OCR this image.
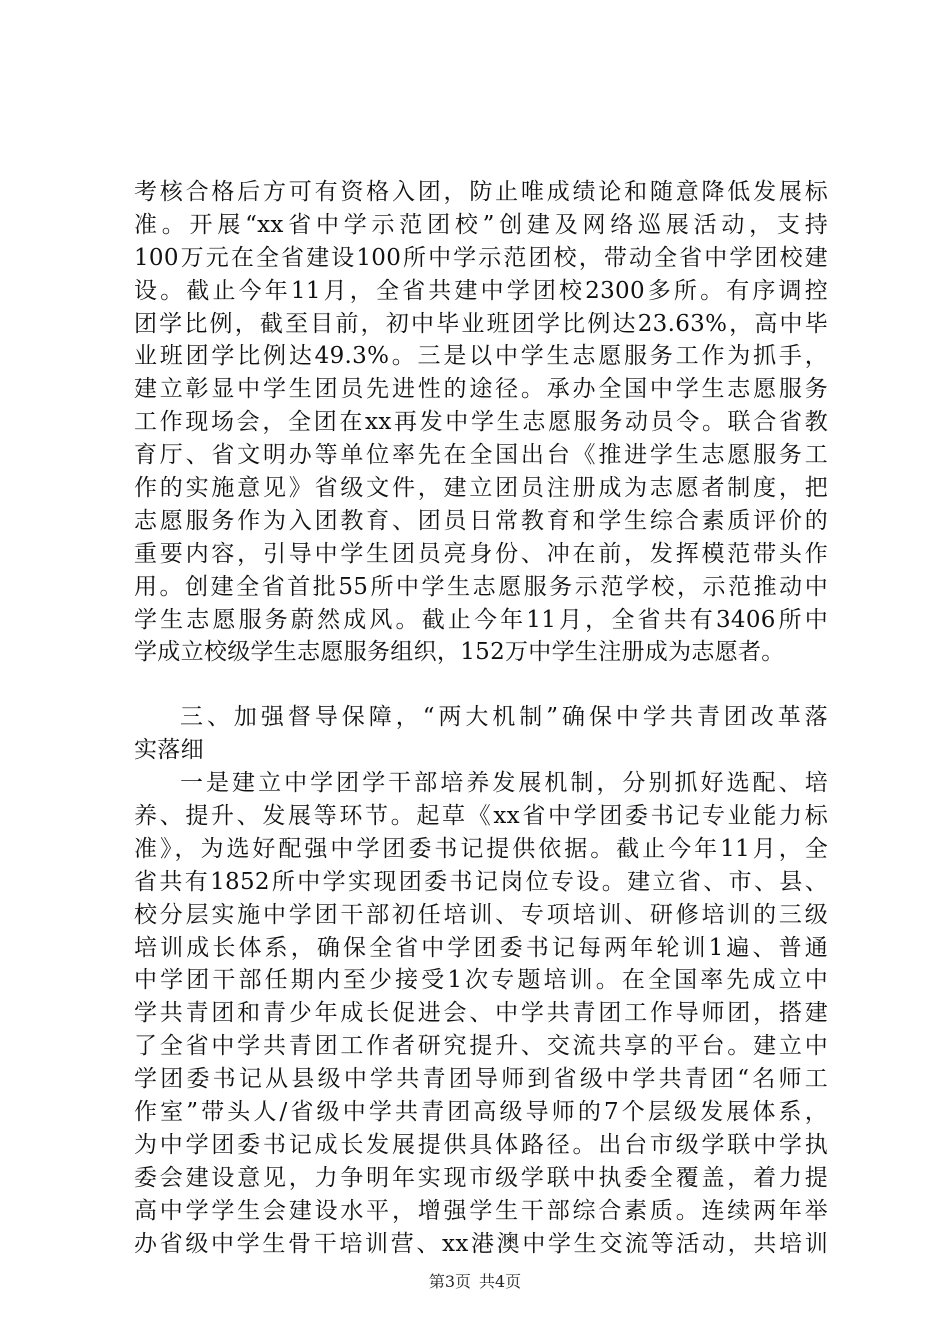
考核合格后方可有资格入团，防止唯成绩论和随意降低发展标
准。开展“xx省中学示范团校”创建及网络巡展活动，支持
100万元在全省建设100所中学示范团校，带动全省中学团校建
设。截止今年11月，全省共建中学团校2300多所。有序调控
团学比例，截至目前，初中毕业班团学比例达23.63%，高中毕
业班团学比例达49.3%。三是以中学生志愿服务工作为抓手，
建立彰显中学生团员先进性的途径。承办全国中学生志愿服务
工作现场会，全团在xx再发中学生志愿服务动员令。联合省教
育厅、省文明办等单位率先在全国出台《推进学生志愿服务工
作的实施意见》省级文件，建立团员注册成为志愿者制度，把
志愿服务作为入团教育、团员日常教育和学生综合素质评价的
重要内容，引导中学生团员亮身份、冲在前，发挥模范带头作
用。创建全省首批55所中学生志愿服务示范学校，示范推动中
学生志愿服务蔚然成风。截止今年11月，全省共有3406所中
学成立校级学生志愿服务组织，152万中学生注册成为志愿者。
三、加强督导保障，“两大机制”确保中学共青团改革落
实落细
一是建立中学团学干部培养发展机制，分别抓好选配、培
养、提升、发展等环节。起草《xx省中学团委书记专业能力标
准》，为选好配强中学团委书记提供依据。截止今年11月，全
省共有1852所中学实现团委书记岗位专设。建立省、市、县、
校分层实施中学团干部初任培训、专项培训、研修培训的三级
培训成长体系，确保全省中学团委书记每两年轮训1遍、普通
中学团干部任期内至少接受1次专题培训。在全国率先成立中
学共青团和青少年成长促进会、中学共青团工作导师团，搭建
了全省中学共青团工作者研究提升、交流共享的平台。建立中
学团委书记从县级中学共青团导师到省级中学共青团“名师工
作室”带头人/省级中学共青团高级导师的7个层级发展体系，
为中学团委书记成长发展提供具体路径。出台市级学联中学执
委会建设意见，力争明年实现市级学联中执委全覆盖，着力提
高中学学生会建设水平，增强学生干部综合素质。连续两年举
办省级中学生骨干培训营、xx港澳中学生交流等活动，共培训
第3页 共4页
